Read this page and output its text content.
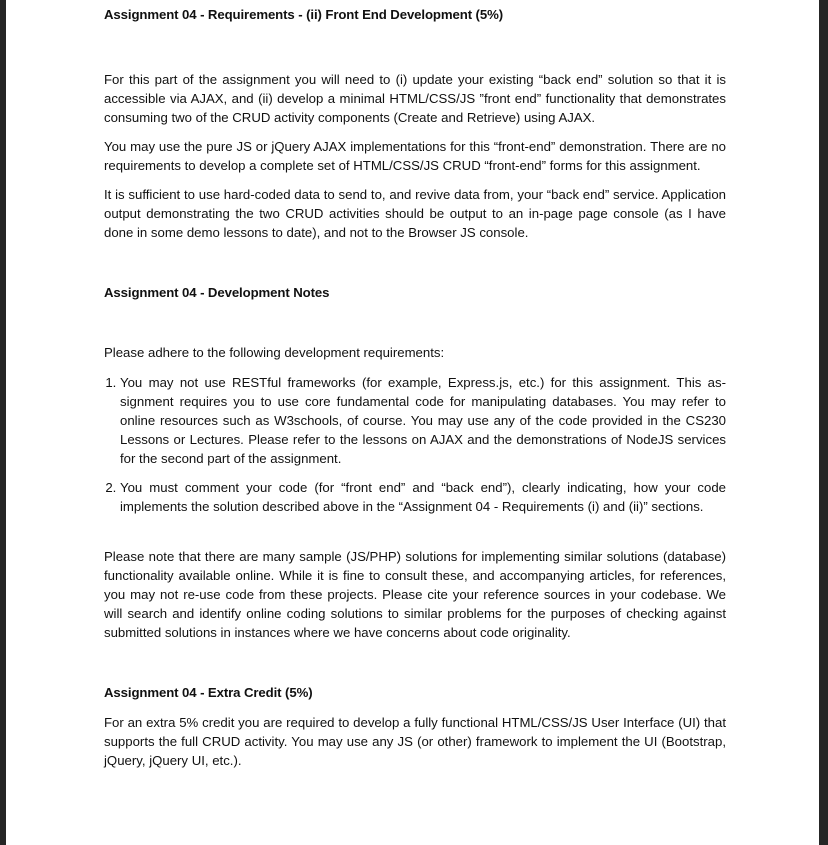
Assignment 04 - Requirements - (ii) Front End Development (5%)

For this part of the assignment you will need to (i) update your existing “back end” solution so that it is accessible via AJAX, and (ii) develop a minimal HTML/CSS/JS ”front end” functionality that demonstrates consuming two of the CRUD activity components (Create and Retrieve) using AJAX.

You may use the pure JS or jQuery AJAX implementations for this “front-end” demonstration. There are no requirements to develop a complete set of HTML/CSS/JS CRUD “front-end” forms for this assignment.

It is sufficient to use hard-coded data to send to, and revive data from, your “back end” service. Application output demonstrating the two CRUD activities should be output to an in-page page console (as I have done in some demo lessons to date), and not to the Browser JS console.

Assignment 04 - Development Notes

Please adhere to the following development requirements:

1. You may not use RESTful frameworks (for example, Express.js, etc.) for this assignment. This assignment requires you to use core fundamental code for manipulating databases. You may refer to online resources such as W3schools, of course. You may use any of the code provided in the CS230 Lessons or Lectures. Please refer to the lessons on AJAX and the demonstrations of NodeJS services for the second part of the assignment.
2. You must comment your code (for “front end” and “back end”), clearly indicating, how your code implements the solution described above in the “Assignment 04 - Requirements (i) and (ii)” sections.

Please note that there are many sample (JS/PHP) solutions for implementing similar solutions (database) functionality available online. While it is fine to consult these, and accompanying articles, for references, you may not re-use code from these projects. Please cite your reference sources in your codebase. We will search and identify online coding solutions to similar problems for the purposes of checking against submitted solutions in instances where we have concerns about code originality.

Assignment 04 - Extra Credit (5%)

For an extra 5% credit you are required to develop a fully functional HTML/CSS/JS User Interface (UI) that supports the full CRUD activity. You may use any JS (or other) framework to implement the UI (Bootstrap, jQuery, jQuery UI, etc.).
